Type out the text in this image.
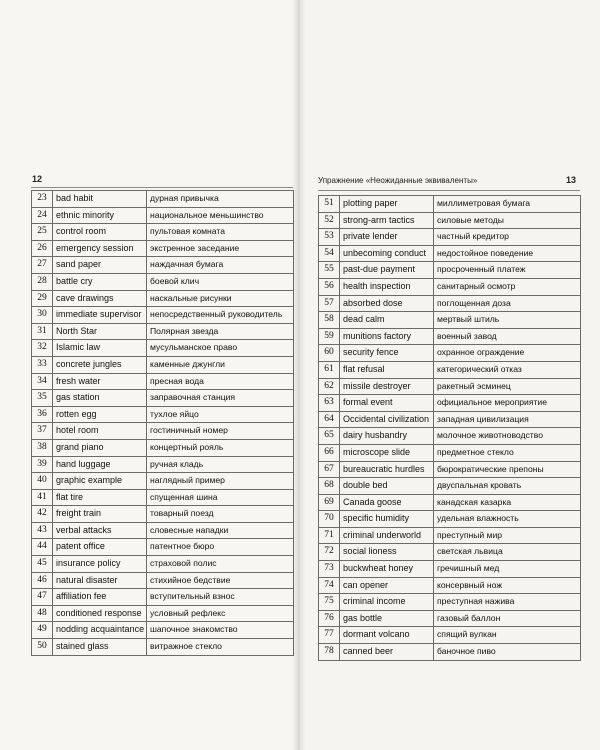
12	Упражнение «Неожиданные эквиваленты»	13
23	bad habit	дурная привычка
24	ethnic minority	национальное меньшинство
25	control room	пультовая комната
26	emergency session	экстренное заседание
27	sand paper	наждачная бумага
28	battle cry	боевой клич
29	cave drawings	наскальные рисунки
30	immediate supervisor	непосредственный руководитель
31	North Star	Полярная звезда
32	Islamic law	мусульманское право
33	concrete jungles	каменные джунгли
34	fresh water	пресная вода
35	gas station	заправочная станция
36	rotten egg	тухлое яйцо
37	hotel room	гостиничный номер
38	grand piano	концертный рояль
39	hand luggage	ручная кладь
40	graphic example	наглядный пример
41	flat tire	спущенная шина
42	freight train	товарный поезд
43	verbal attacks	словесные нападки
44	patent office	патентное бюро
45	insurance policy	страховой полис
46	natural disaster	стихийное бедствие
47	affiliation fee	вступительный взнос
48	conditioned response	условный рефлекс
49	nodding acquaintance	шапочное знакомство
50	stained glass	витражное стекло
51	plotting paper	миллиметровая бумага
52	strong-arm tactics	силовые методы
53	private lender	частный кредитор
54	unbecoming conduct	недостойное поведение
55	past-due payment	просроченный платеж
56	health inspection	санитарный осмотр
57	absorbed dose	поглощенная доза
58	dead calm	мертвый штиль
59	munitions factory	военный завод
60	security fence	охранное ограждение
61	flat refusal	категорический отказ
62	missile destroyer	ракетный эсминец
63	formal event	официальное мероприятие
64	Occidental civilization	западная цивилизация
65	dairy husbandry	молочное животноводство
66	microscope slide	предметное стекло
67	bureaucratic hurdles	бюрократические препоны
68	double bed	двуспальная кровать
69	Canada goose	канадская казарка
70	specific humidity	удельная влажность
71	criminal underworld	преступный мир
72	social lioness	светская львица
73	buckwheat honey	гречишный мед
74	can opener	консервный нож
75	criminal income	преступная нажива
76	gas bottle	газовый баллон
77	dormant volcano	спящий вулкан
78	canned beer	баночное пиво
